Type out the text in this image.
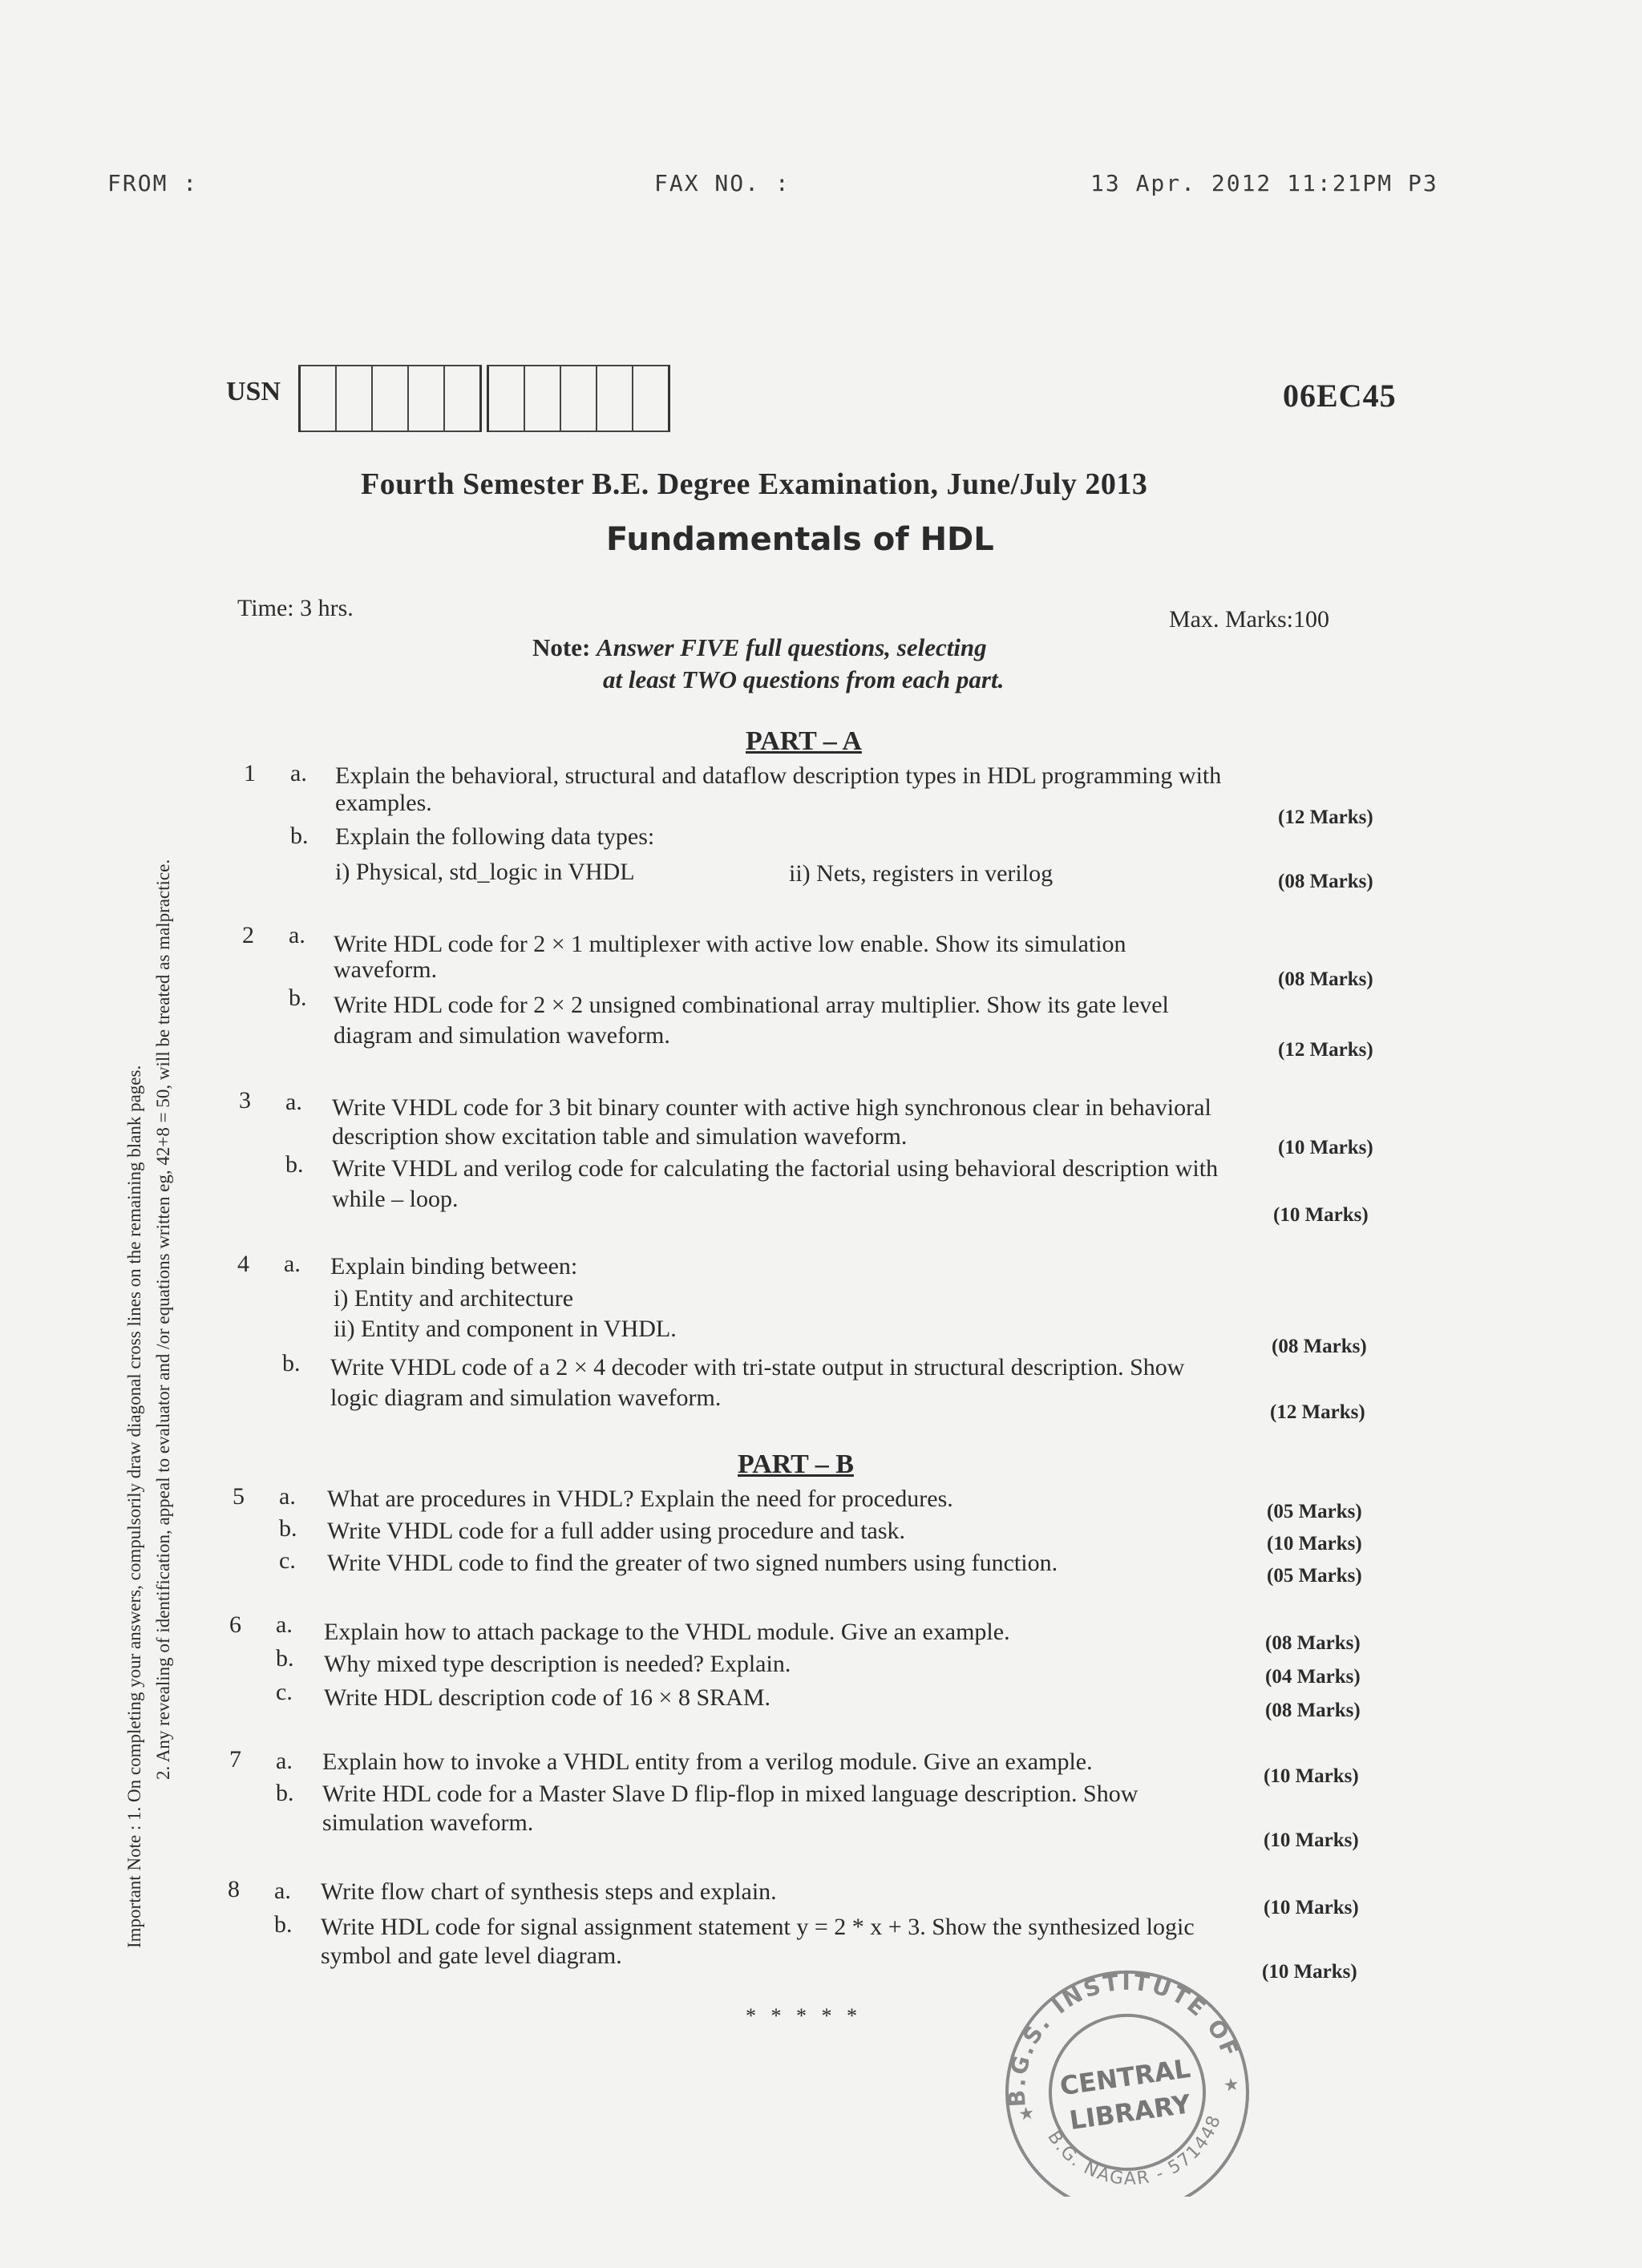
FROM :	FAX NO. :	13 Apr. 2012 11:21PM P3
USN	06EC45
Fourth Semester B.E. Degree Examination, June/July 2013
Fundamentals of HDL
Time: 3 hrs.	Max. Marks:100
Note: Answer FIVE full questions, selecting
at least TWO questions from each part.
PART – A
1 a. Explain the behavioral, structural and dataflow description types in HDL programming with
examples.
(12 Marks)
b. Explain the following data types:
i) Physical, std_logic in VHDL	ii) Nets, registers in verilog	(08 Marks)
2 a. Write HDL code for 2 × 1 multiplexer with active low enable. Show its simulation
waveform.	(08 Marks)
b. Write HDL code for 2 × 2 unsigned combinational array multiplier. Show its gate level
diagram and simulation waveform.
(12 Marks)
3 a. Write VHDL code for 3 bit binary counter with active high synchronous clear in behavioral
description show excitation table and simulation waveform.	(10 Marks)
b. Write VHDL and verilog code for calculating the factorial using behavioral description with
while – loop.
(10 Marks)
4 a. Explain binding between:
i) Entity and architecture
ii) Entity and component in VHDL.
(08 Marks)
b. Write VHDL code of a 2 × 4 decoder with tri-state output in structural description. Show
logic diagram and simulation waveform.
(12 Marks)
PART – B
5 a. What are procedures in VHDL? Explain the need for procedures.	(05 Marks)
b. Write VHDL code for a full adder using procedure and task.	(10 Marks)
c. Write VHDL code to find the greater of two signed numbers using function.	(05 Marks)
6 a. Explain how to attach package to the VHDL module. Give an example.	(08 Marks)
b. Why mixed type description is needed? Explain.	(04 Marks)
c. Write HDL description code of 16 × 8 SRAM.	(08 Marks)
7 a. Explain how to invoke a VHDL entity from a verilog module. Give an example.
(10 Marks)
b. Write HDL code for a Master Slave D flip-flop in mixed language description. Show
simulation waveform.
(10 Marks)
8 a. Write flow chart of synthesis steps and explain.
(10 Marks)
b. Write HDL code for signal assignment statement y = 2 * x + 3. Show the synthesized logic
symbol and gate level diagram.
(10 Marks)
* * * * *
Important Note : 1. On completing your answers, compulsorily draw diagonal cross lines on the remaining blank pages. 2. Any revealing of identification, appeal to evaluator and /or equations written eg, 42+8 = 50, will be treated as malpractice.
B.G.S. INSTITUTE OF
B.G. NAGAR - 571448
CENTRAL
LIBRARY
★
★
